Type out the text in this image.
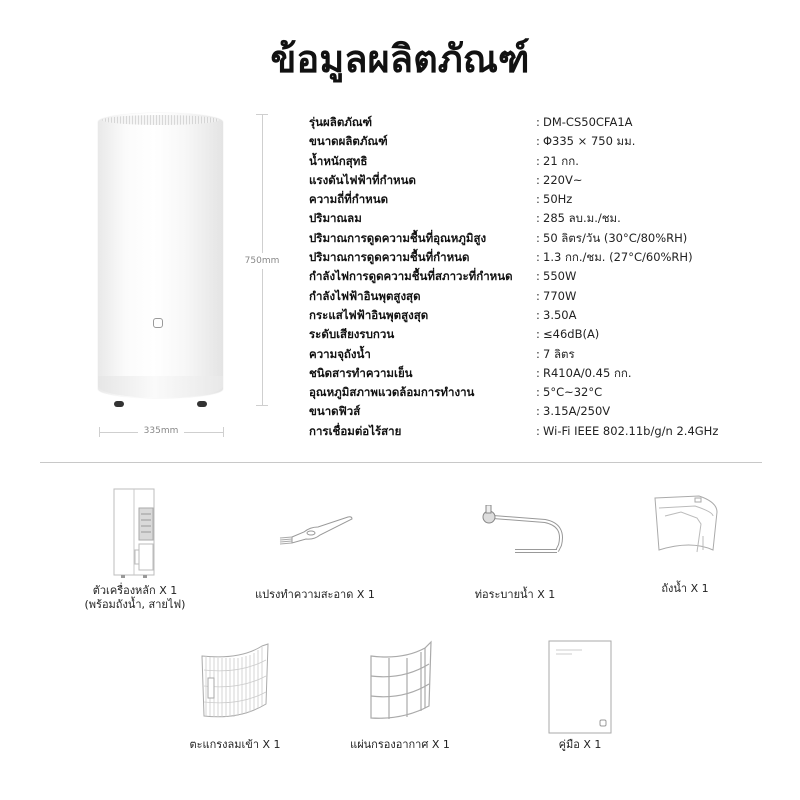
ข้อมูลผลิตภัณฑ์
750mm
335mm
รุ่นผลิตภัณฑ์	: DM-CS50CFA1A
ขนาดผลิตภัณฑ์	: Φ335 × 750 มม.
น้ำหนักสุทธิ	: 21 กก.
แรงดันไฟฟ้าที่กำหนด	: 220V~
ความถี่ที่กำหนด	: 50Hz
ปริมาณลม	: 285 ลบ.ม./ชม.
ปริมาณการดูดความชื้นที่อุณหภูมิสูง	: 50 ลิตร/วัน (30°C/80%RH)
ปริมาณการดูดความชื้นที่กำหนด	: 1.3 กก./ชม. (27°C/60%RH)
กำลังไฟการดูดความชื้นที่สภาวะที่กำหนด : 550W
กำลังไฟฟ้าอินพุตสูงสุด	: 770W
กระแสไฟฟ้าอินพุตสูงสุด	: 3.50A
ระดับเสียงรบกวน	: ≤46dB(A)
ความจุถังน้ำ	: 7 ลิตร
ชนิดสารทำความเย็น	: R410A/0.45 กก.
อุณหภูมิสภาพแวดล้อมการทำงาน	: 5°C~32°C
ขนาดฟิวส์	: 3.15A/250V
การเชื่อมต่อไร้สาย	: Wi-Fi IEEE 802.11b/g/n 2.4GHz
ตัวเครื่องหลัก X 1
(พร้อมถังน้ำ, สายไฟ)
แปรงทำความสะอาด X 1	ท่อระบายน้ำ X 1	ถังน้ำ X 1
ตะแกรงลมเข้า X 1	แผ่นกรองอากาศ X 1	คู่มือ X 1
